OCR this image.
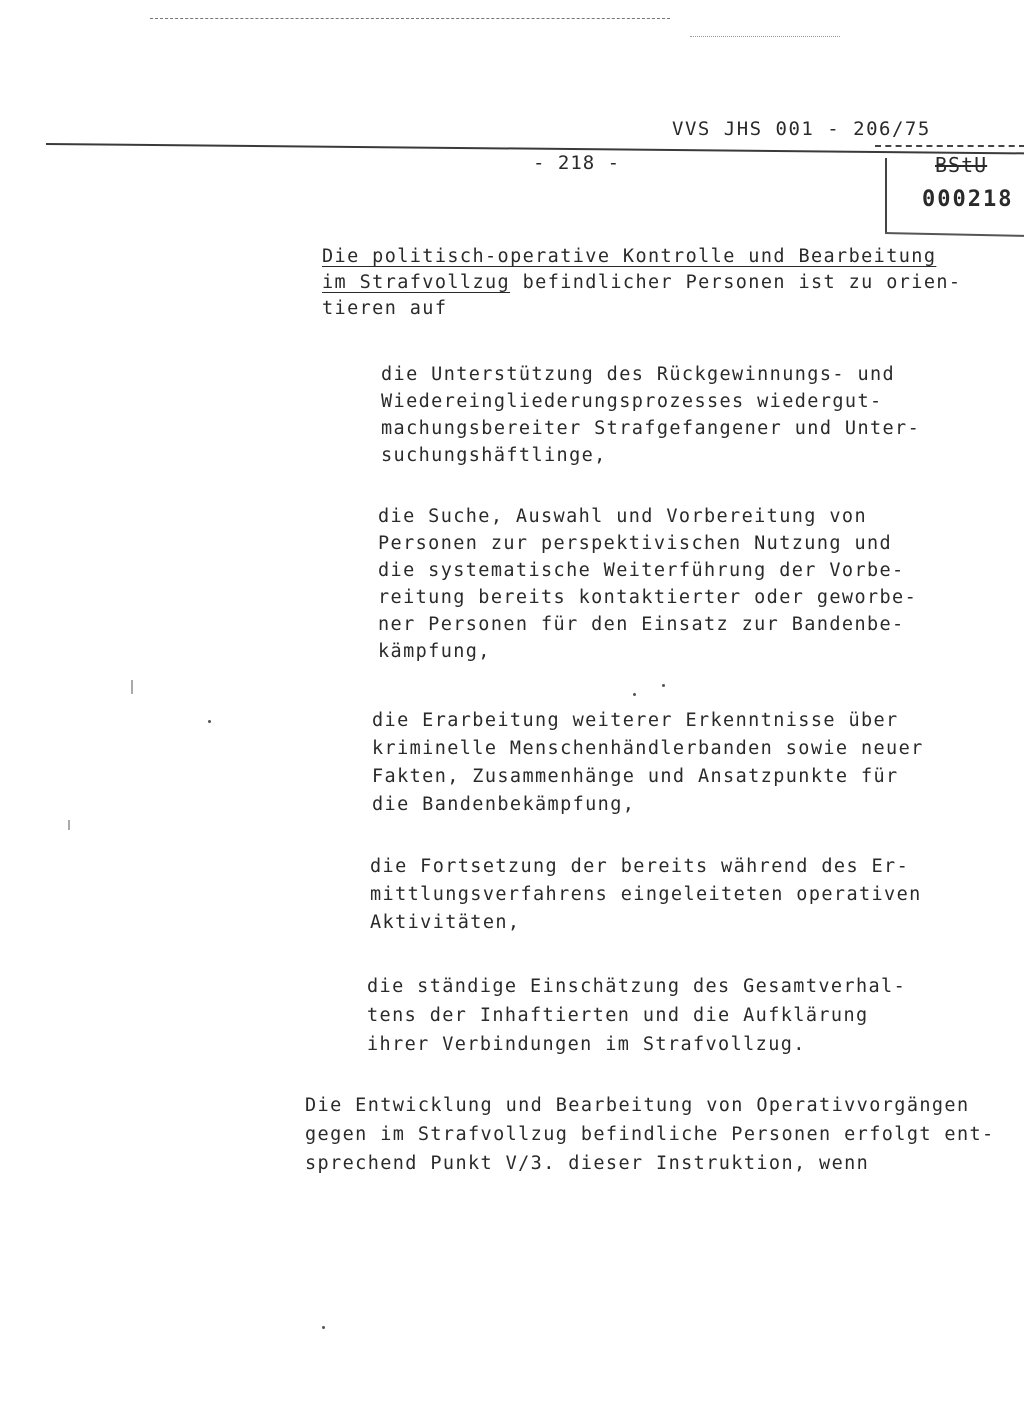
VVS JHS 001 - 206/75
- 218 -	BStU
000218
Die politisch-operative Kontrolle und Bearbeitung
im Strafvollzug befindlicher Personen ist zu orien-
tieren auf
die Unterstützung des Rückgewinnungs- und
Wiedereingliederungsprozesses wiedergut-
machungsbereiter Strafgefangener und Unter-
suchungshäftlinge,
die Suche, Auswahl und Vorbereitung von
Personen zur perspektivischen Nutzung und
die systematische Weiterführung der Vorbe-
reitung bereits kontaktierter oder geworbe-
ner Personen für den Einsatz zur Bandenbe-
kämpfung,
die Erarbeitung weiterer Erkenntnisse über
kriminelle Menschenhändlerbanden sowie neuer
Fakten, Zusammenhänge und Ansatzpunkte für
die Bandenbekämpfung,
die Fortsetzung der bereits während des Er-
mittlungsverfahrens eingeleiteten operativen
Aktivitäten,
die ständige Einschätzung des Gesamtverhal-
tens der Inhaftierten und die Aufklärung
ihrer Verbindungen im Strafvollzug.
Die Entwicklung und Bearbeitung von Operativvorgängen
gegen im Strafvollzug befindliche Personen erfolgt ent-
sprechend Punkt V/3. dieser Instruktion, wenn
